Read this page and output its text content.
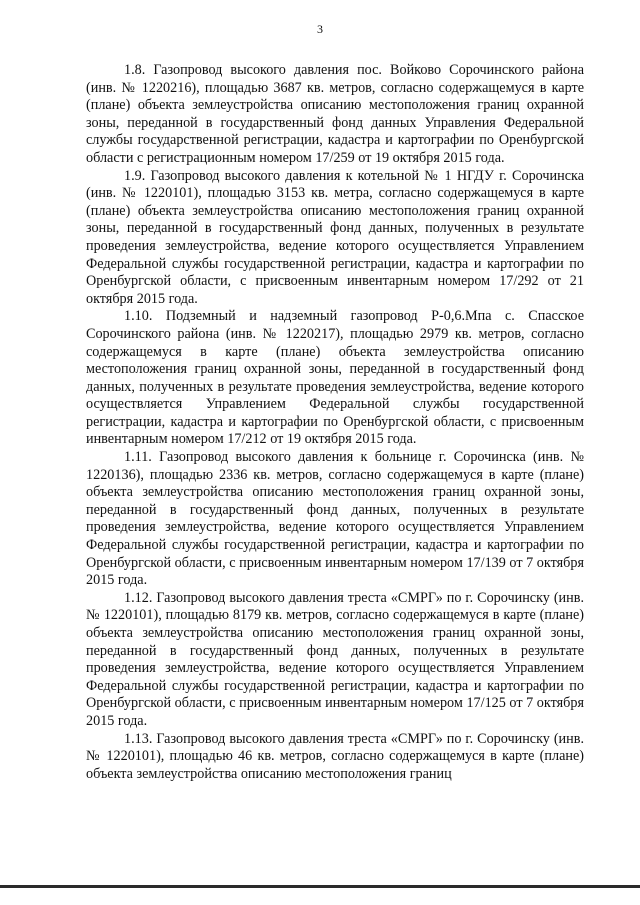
3

1.8. Газопровод высокого давления пос. Войково Сорочинского района (инв. № 1220216), площадью 3687 кв. метров, согласно содержащемуся в карте (плане) объекта землеустройства описанию местоположения границ охранной зоны, переданной в государственный фонд данных Управления Федеральной службы государственной регистрации, кадастра и картографии по Оренбургской области с регистрационным номером 17/259 от 19 октября 2015 года.

1.9. Газопровод высокого давления к котельной № 1 НГДУ г. Сорочинска (инв. № 1220101), площадью 3153 кв. метра, согласно содержащемуся в карте (плане) объекта землеустройства описанию местоположения границ охранной зоны, переданной в государственный фонд данных, полученных в результате проведения землеустройства, ведение которого осуществляется Управлением Федеральной службы государственной регистрации, кадастра и картографии по Оренбургской области, с присвоенным инвентарным номером 17/292 от 21 октября 2015 года.

1.10. Подземный и надземный газопровод Р-0,6.Мпа с. Спасское Сорочинского района (инв. № 1220217), площадью 2979 кв. метров, согласно содержащемуся в карте (плане) объекта землеустройства описанию местоположения границ охранной зоны, переданной в государственный фонд данных, полученных в результате проведения землеустройства, ведение которого осуществляется Управлением Федеральной службы государственной регистрации, кадастра и картографии по Оренбургской области, с присвоенным инвентарным номером 17/212 от 19 октября 2015 года.

1.11. Газопровод высокого давления к больнице г. Сорочинска (инв. № 1220136), площадью 2336 кв. метров, согласно содержащемуся в карте (плане) объекта землеустройства описанию местоположения границ охранной зоны, переданной в государственный фонд данных, полученных в результате проведения землеустройства, ведение которого осуществляется Управлением Федеральной службы государственной регистрации, кадастра и картографии по Оренбургской области, с присвоенным инвентарным номером 17/139 от 7 октября 2015 года.

1.12. Газопровод высокого давления треста «СМРГ» по г. Сорочинску (инв. № 1220101), площадью 8179 кв. метров, согласно содержащемуся в карте (плане) объекта землеустройства описанию местоположения границ охранной зоны, переданной в государственный фонд данных, полученных в результате проведения землеустройства, ведение которого осуществляется Управлением Федеральной службы государственной регистрации, кадастра и картографии по Оренбургской области, с присвоенным инвентарным номером 17/125 от 7 октября 2015 года.

1.13. Газопровод высокого давления треста «СМРГ» по г. Сорочинску (инв. № 1220101), площадью 46 кв. метров, согласно содержащемуся в карте (плане) объекта землеустройства описанию местоположения границ
